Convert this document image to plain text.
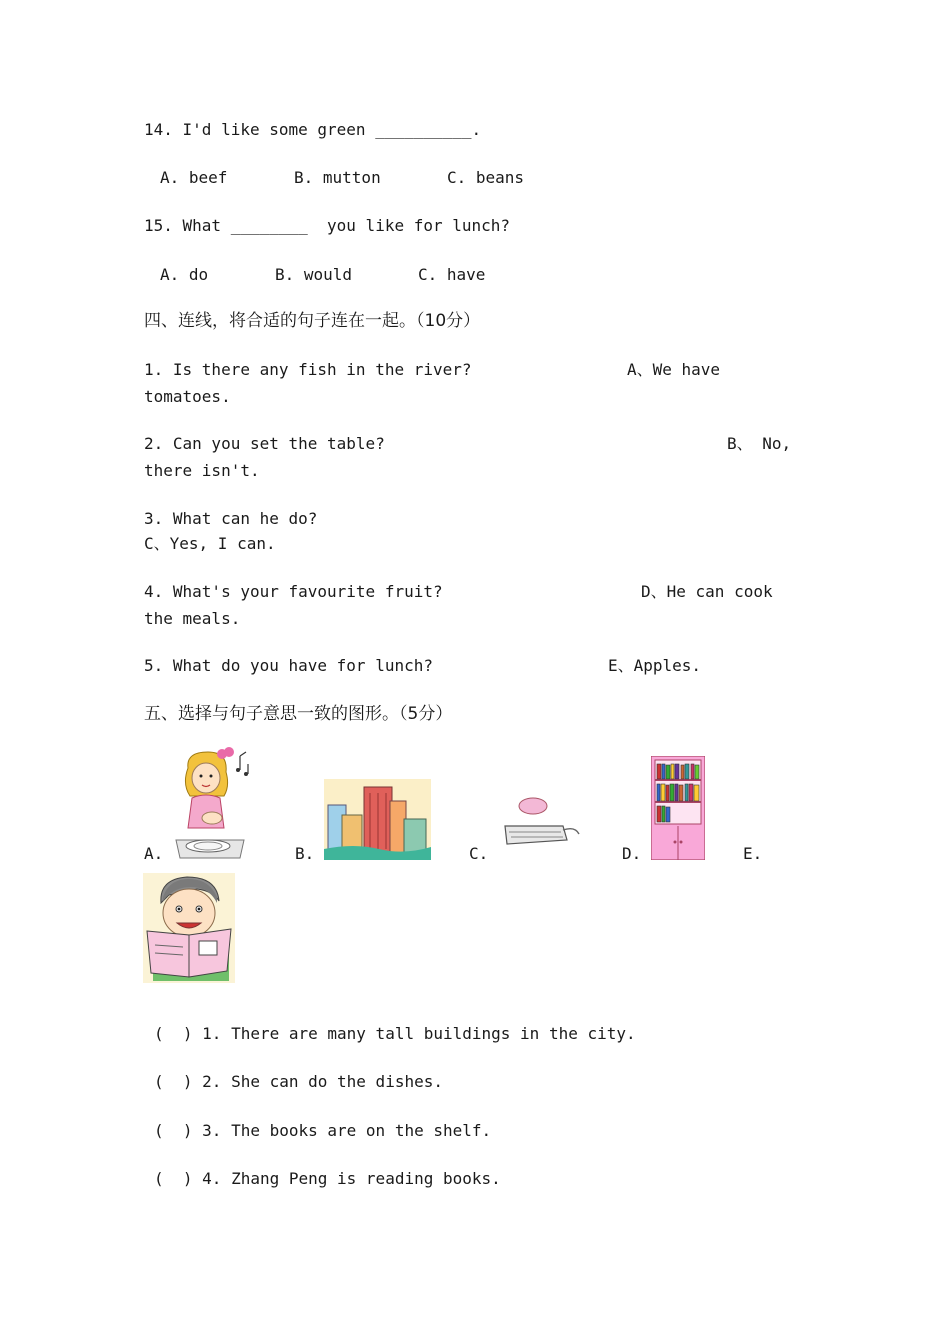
14. I'd like some green __________.
A. beef	B. mutton	C. beans
15. What ________  you like for lunch?
A. do	B. would	C. have
四、连线，将合适的句子连在一起。（10分）
1. Is there any fish in the river?	A、We have
tomatoes.
2. Can you set the table?	B、 No,
there isn't.
3. What can he do?
C、Yes, I can.
4. What's your favourite fruit?	D、He can cook
the meals.
5. What do you have for lunch?	E、Apples.
五、选择与句子意思一致的图形。（5分）
A.	B.	C.	D.	E.
(  ) 1. There are many tall buildings in the city.
(  ) 2. She can do the dishes.
(  ) 3. The books are on the shelf.
(  ) 4. Zhang Peng is reading books.
